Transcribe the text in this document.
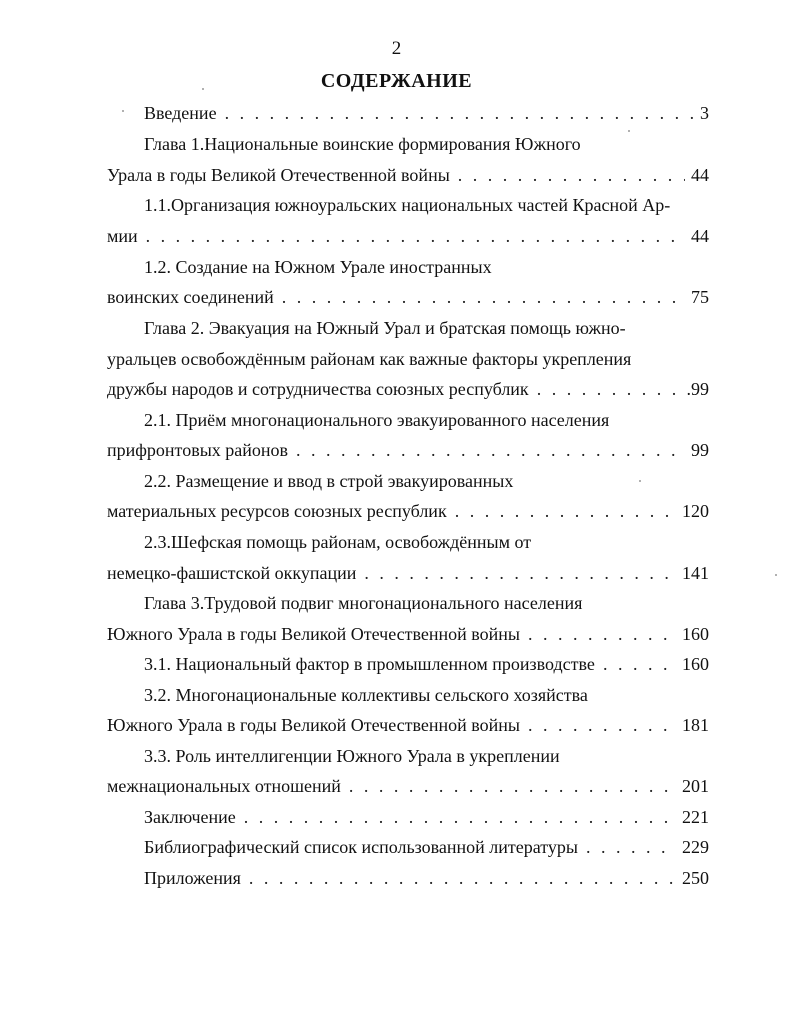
2
СОДЕРЖАНИЕ
Введение . . .	3
Глава 1.Национальные воинские формирования Южного
Урала в годы Великой Отечественной войны . . .	44
1.1.Организация южноуральских национальных частей Красной Ар-
мии . . .	44
1.2. Создание на Южном Урале иностранных
воинских соединений . . .	75
Глава 2. Эвакуация на Южный Урал и братская помощь южно-
уральцев освобождённым районам как важные факторы укрепления
дружбы народов и сотрудничества союзных республик . . .	.99
2.1. Приём многонационального эвакуированного населения
прифронтовых районов . . .	99
2.2. Размещение и ввод в строй эвакуированных
материальных ресурсов союзных республик . . .	120
2.3.Шефская помощь районам, освобождённым от
немецко-фашистской оккупации . . .	141
Глава 3.Трудовой подвиг многонационального населения
Южного Урала в годы Великой Отечественной войны . . .	160
3.1. Национальный фактор в промышленном производстве . . .	160
3.2. Многонациональные коллективы сельского хозяйства
Южного Урала в годы Великой Отечественной войны . . .	181
3.3. Роль интеллигенции Южного Урала в укреплении
межнациональных отношений . . .	201
Заключение . . .	221
Библиографический список использованной литературы . . .	229
Приложения . . .	250
